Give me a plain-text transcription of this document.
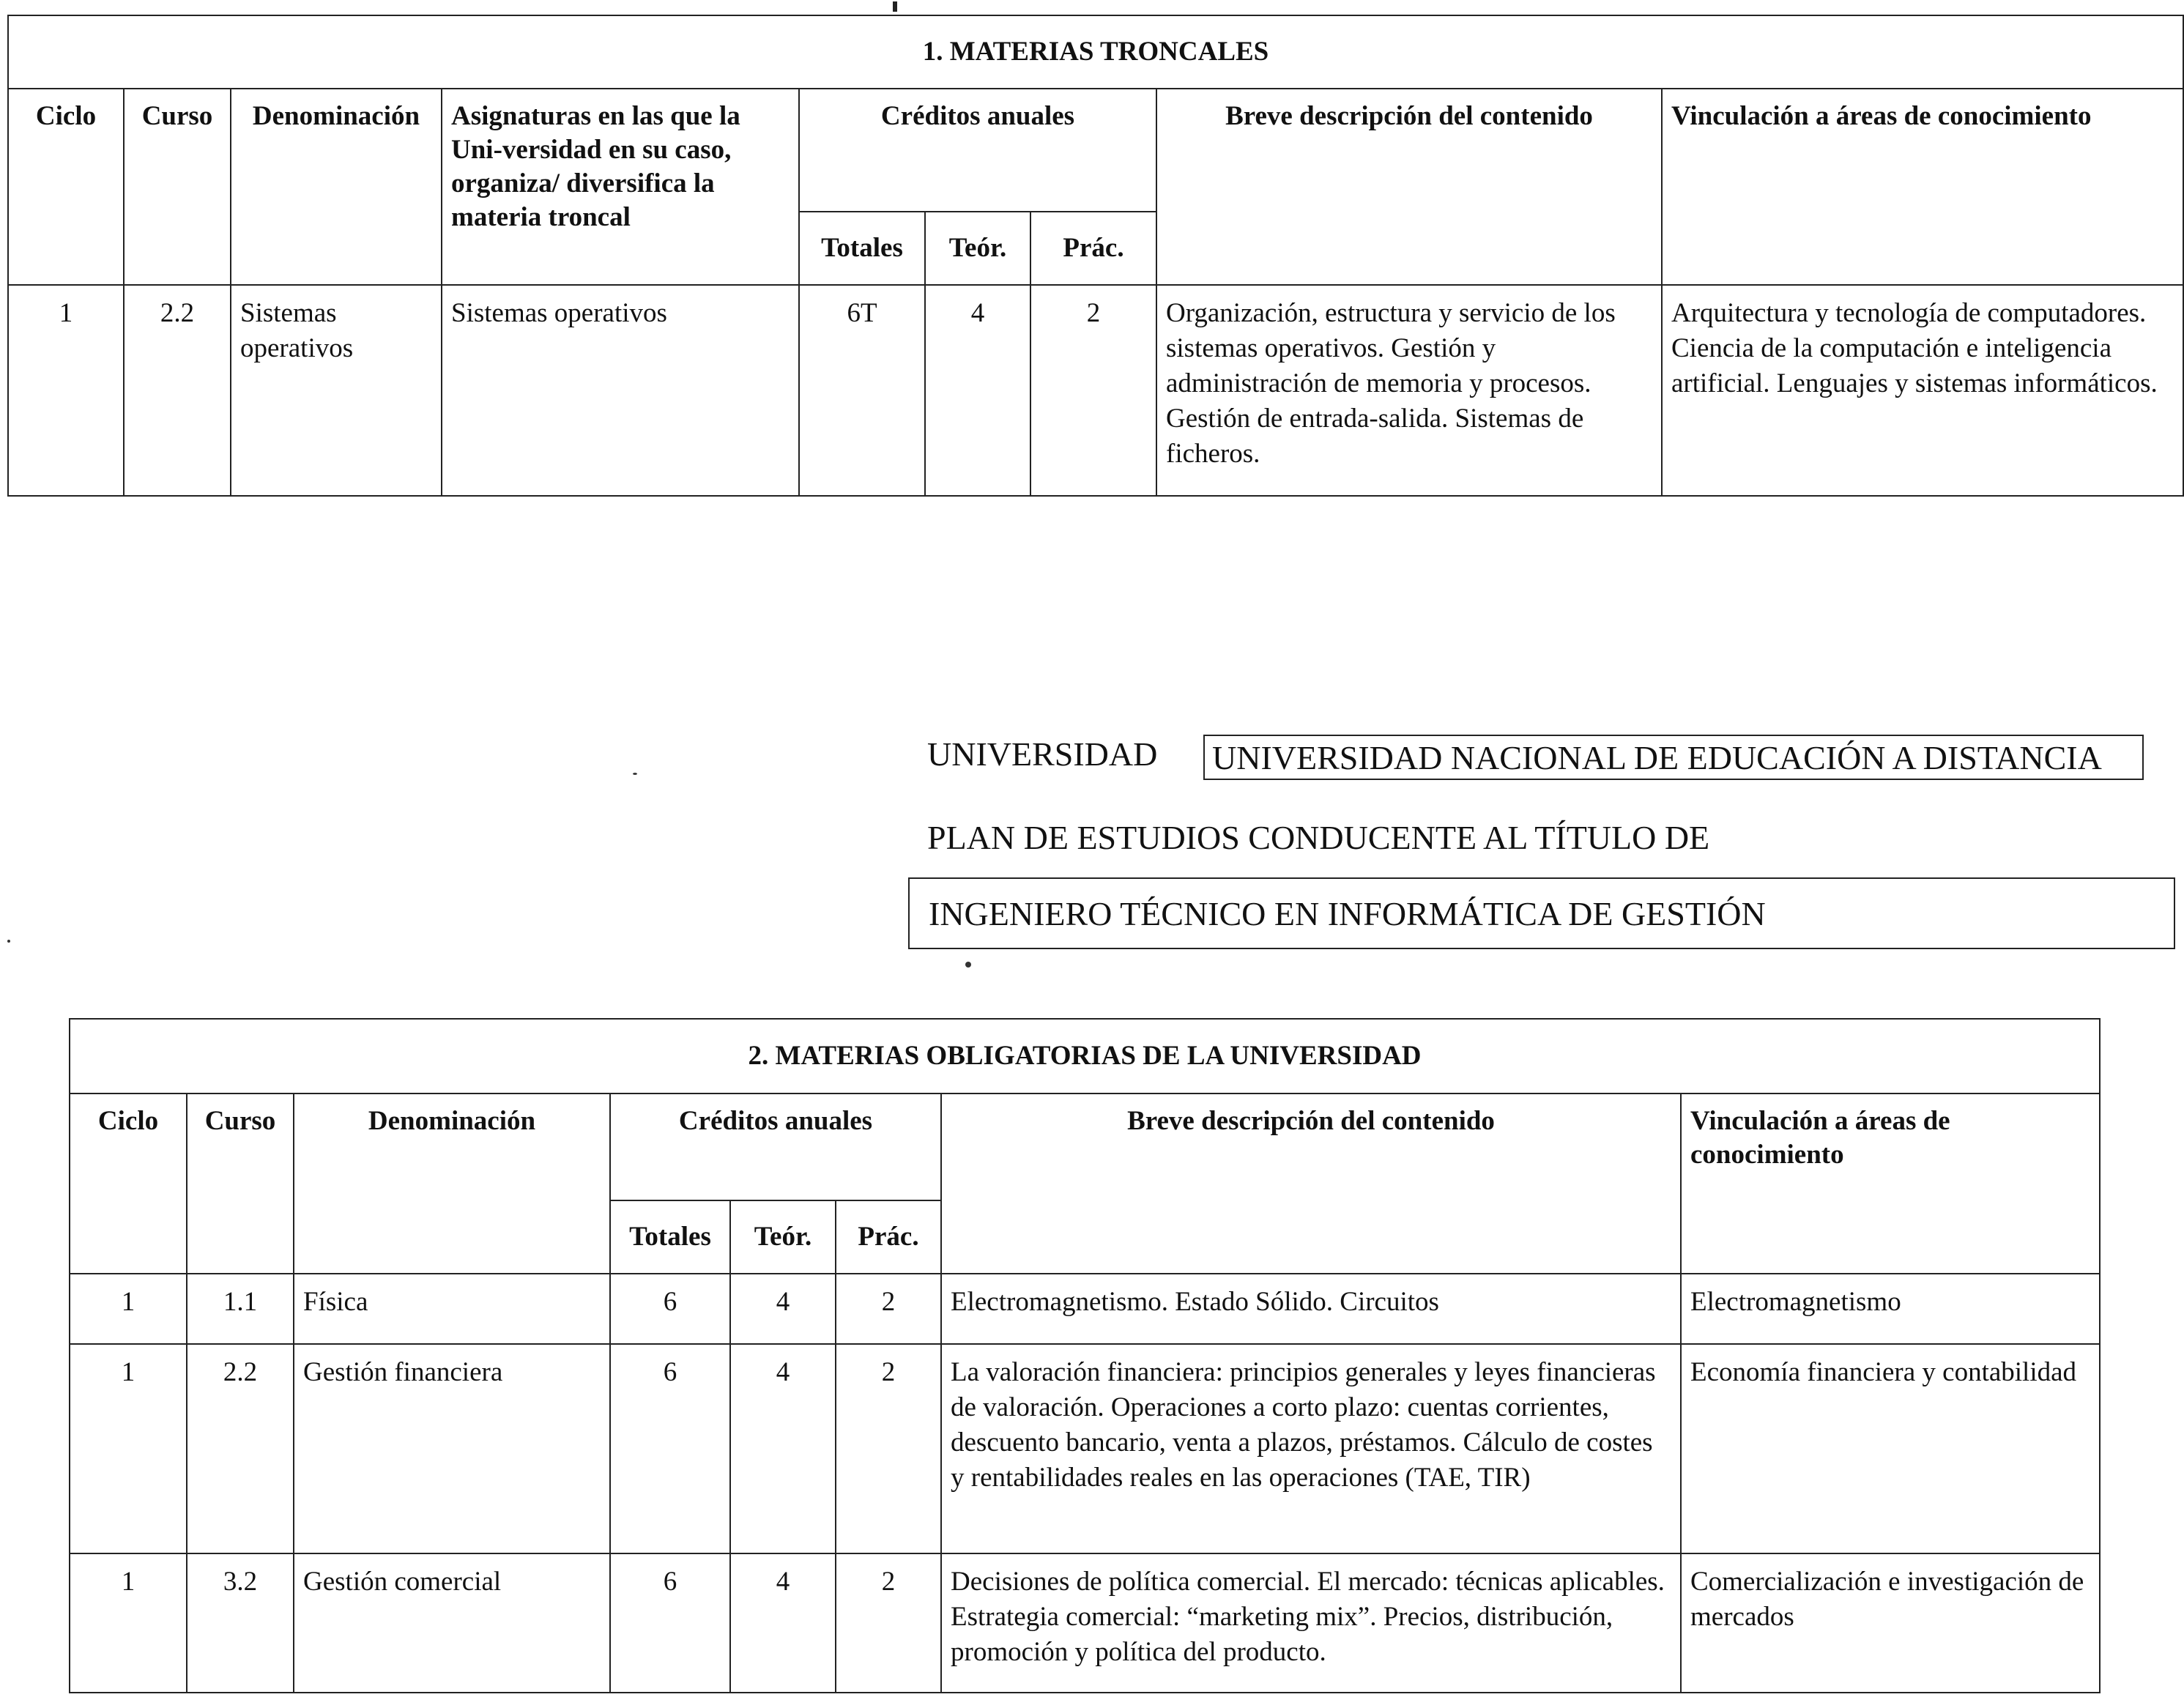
1. MATERIAS TRONCALES								
Ciclo	Curso	Denominación	Asignaturas en las que la Uni-versidad en su caso, organiza/ diversifica la materia troncal	Créditos anuales			Breve descripción del contenido	Vinculación a áreas de conocimiento
				Totales	Teór.	Prác.		
1	2.2	Sistemas operativos	Sistemas operativos	6T	4	2	Organización, estructura y servicio de los sistemas operativos. Gestión y administración de memoria y procesos. Gestión de entrada-salida. Sistemas de ficheros.	Arquitectura y tecnología de computadores. Ciencia de la computación e inteligencia artificial. Lenguajes y sistemas informáticos.
UNIVERSIDAD UNIVERSIDAD NACIONAL DE EDUCACIÓN A DISTANCIA
PLAN DE ESTUDIOS CONDUCENTE AL TÍTULO DE
INGENIERO TÉCNICO EN INFORMÁTICA DE GESTIÓN
2. MATERIAS OBLIGATORIAS DE LA UNIVERSIDAD							
Ciclo	Curso	Denominación	Créditos anuales			Breve descripción del contenido	Vinculación a áreas de conocimiento
			Totales	Teór.	Prác.		
1	1.1	Física	6	4	2	Electromagnetismo. Estado Sólido. Circuitos	Electromagnetismo
1	2.2	Gestión financiera	6	4	2	La valoración financiera: principios generales y leyes financieras de valoración. Operaciones a corto plazo: cuentas corrientes, descuento bancario, venta a plazos, préstamos. Cálculo de costes y rentabilidades reales en las operaciones (TAE, TIR)	Economía financiera y contabilidad
1	3.2	Gestión comercial	6	4	2	Decisiones de política comercial. El mercado: técnicas aplicables. Estrategia comercial: “marketing mix”. Precios, distribución, promoción y política del producto.	Comercialización e investigación de mercados
